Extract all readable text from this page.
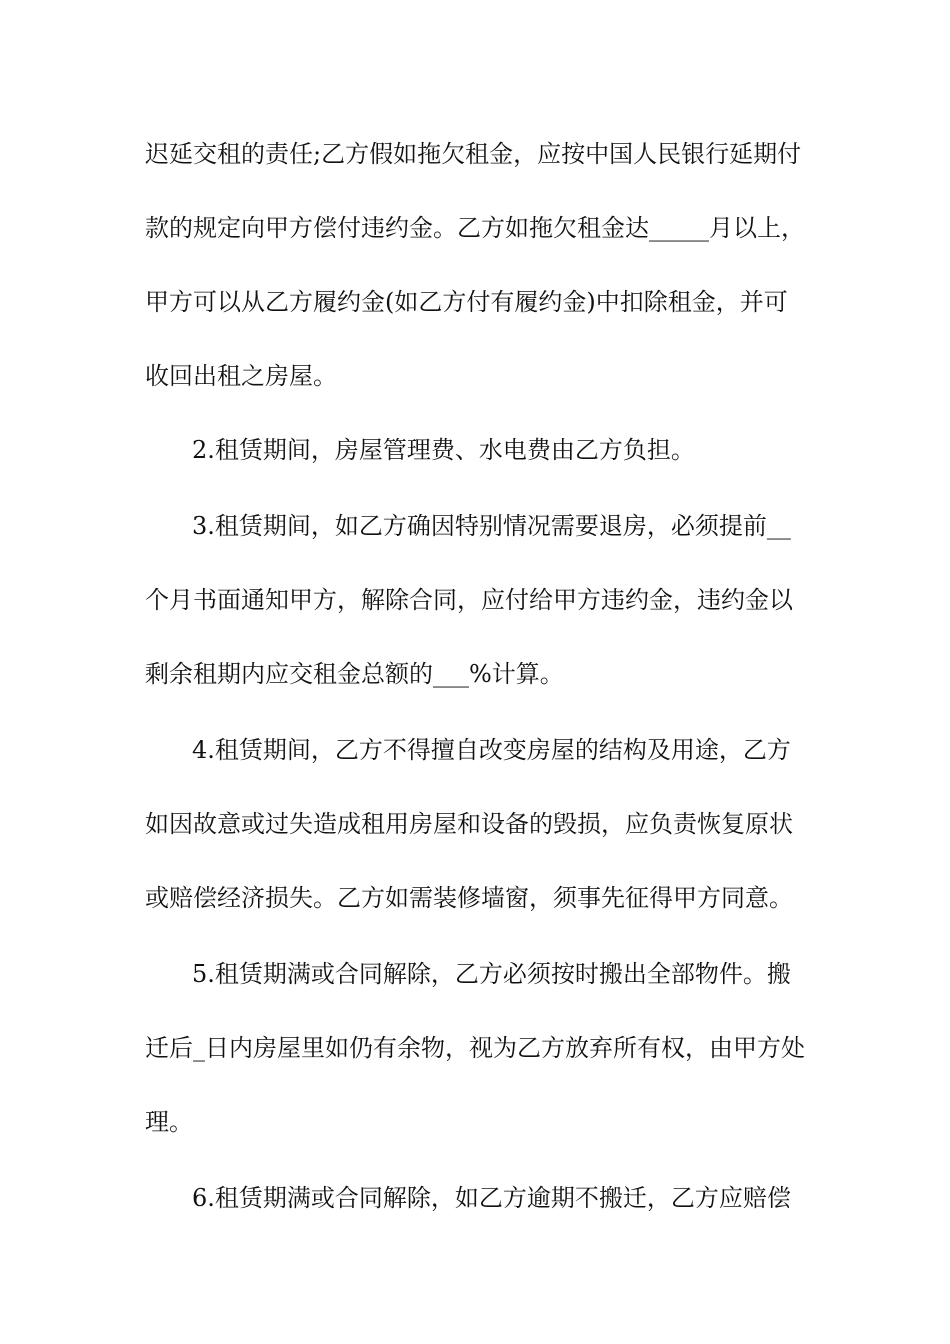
迟延交租的责任;乙方假如拖欠租金，应按中国人民银行延期付
款的规定向甲方偿付违约金。乙方如拖欠租金达_____月以上，
甲方可以从乙方履约金(如乙方付有履约金)中扣除租金，并可
收回出租之房屋。
2.租赁期间，房屋管理费、水电费由乙方负担。
3.租赁期间，如乙方确因特别情况需要退房，必须提前__
个月书面通知甲方，解除合同，应付给甲方违约金，违约金以
剩余租期内应交租金总额的___%计算。
4.租赁期间，乙方不得擅自改变房屋的结构及用途，乙方
如因故意或过失造成租用房屋和设备的毁损，应负责恢复原状
或赔偿经济损失。乙方如需装修墙窗，须事先征得甲方同意。
5.租赁期满或合同解除，乙方必须按时搬出全部物件。搬
迁后_日内房屋里如仍有余物，视为乙方放弃所有权，由甲方处
理。
6.租赁期满或合同解除，如乙方逾期不搬迁，乙方应赔偿
